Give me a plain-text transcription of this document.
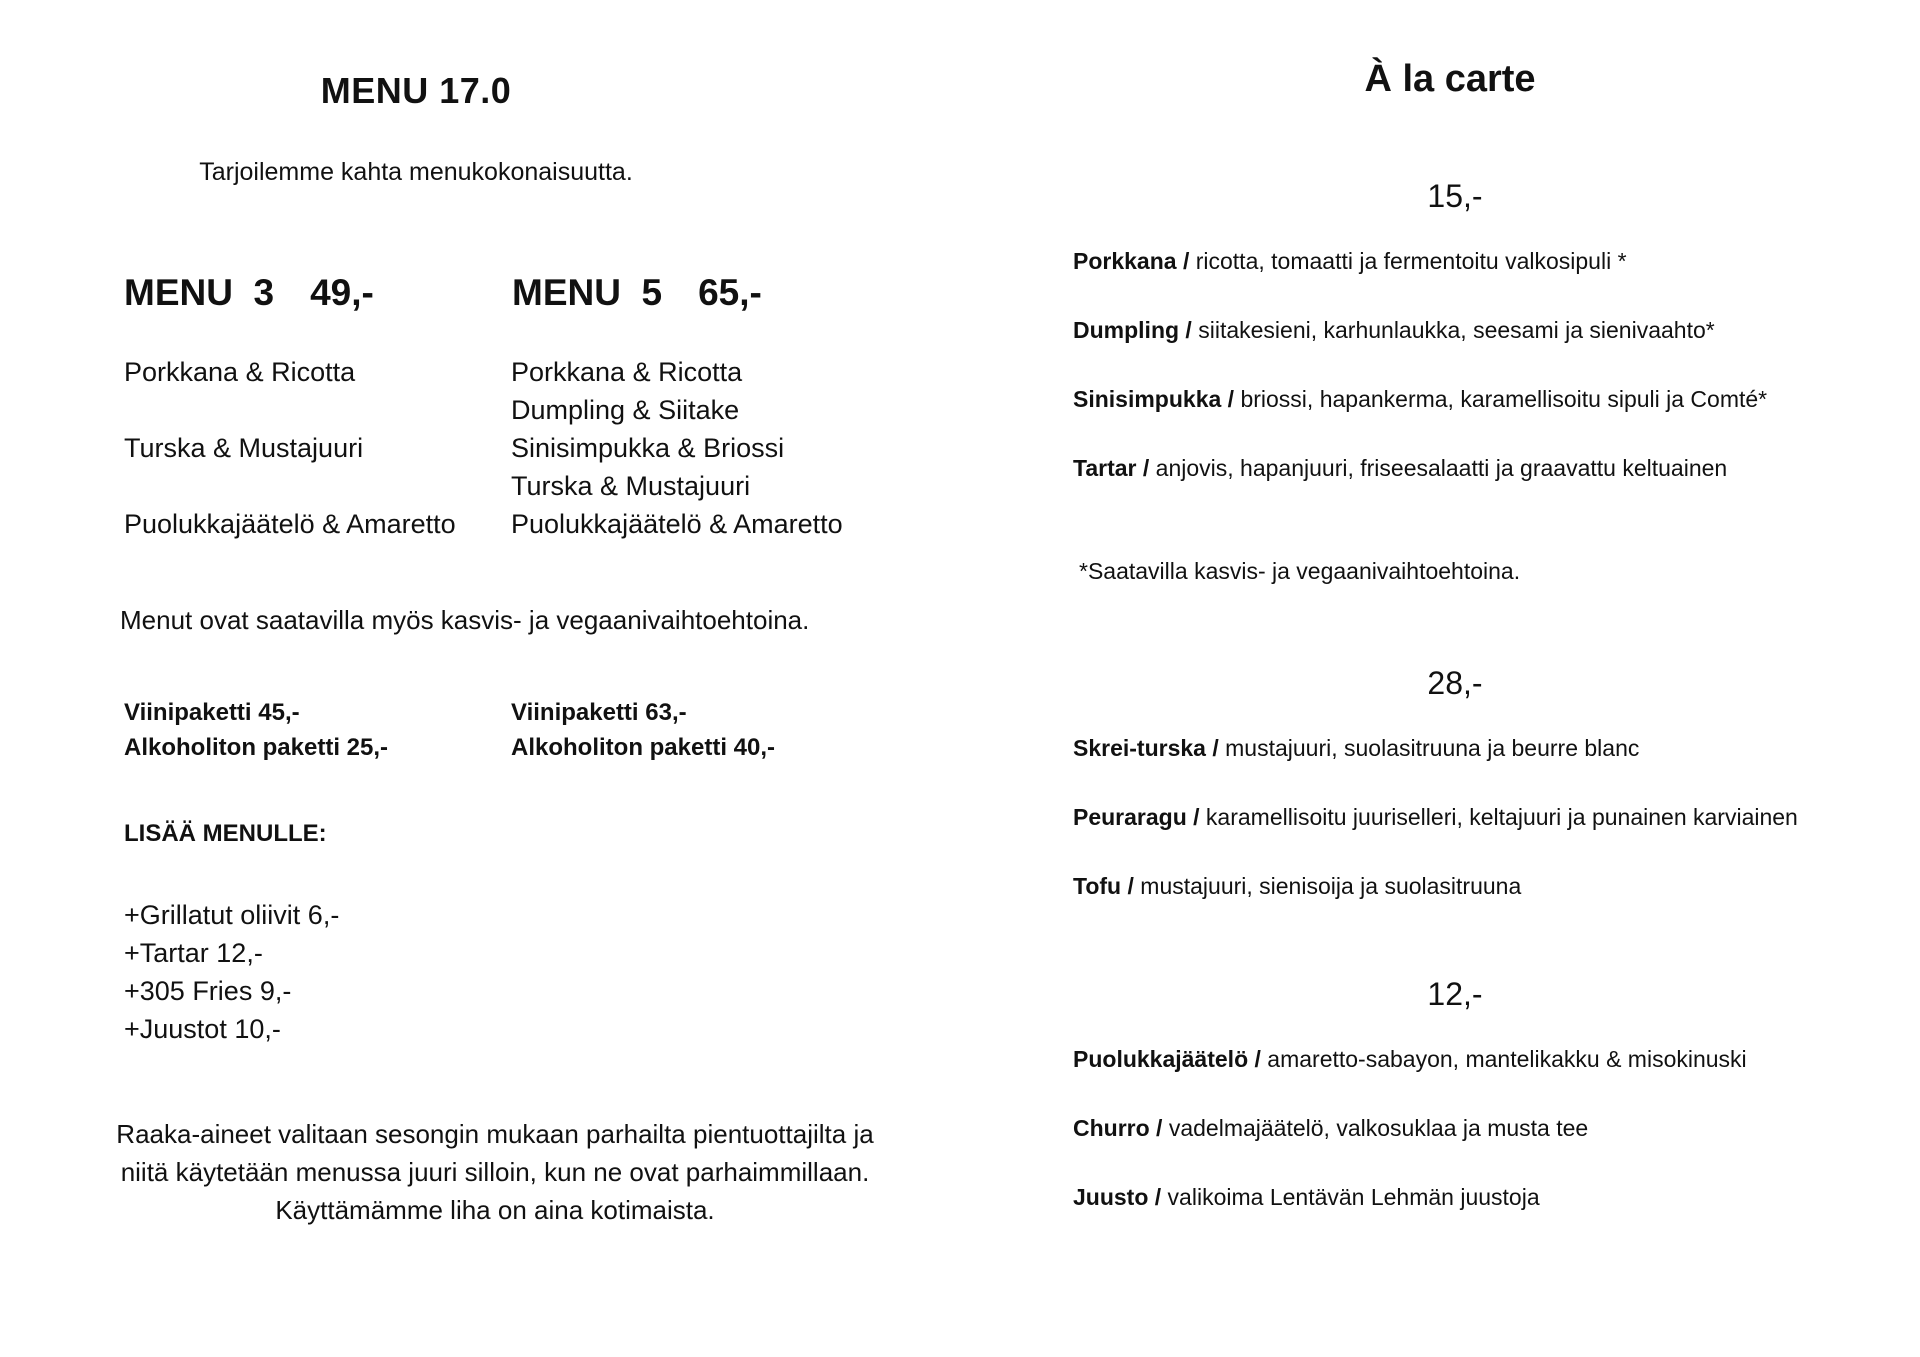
MENU 17.0
Tarjoilemme kahta menukokonaisuutta.
MENU  3 49,-	MENU  5 65,-
Porkkana & Ricotta
Turska & Mustajuuri
Puolukkajäätelö & Amaretto
Porkkana & Ricotta
Dumpling & Siitake
Sinisimpukka & Briossi
Turska & Mustajuuri
Puolukkajäätelö & Amaretto
Menut ovat saatavilla myös kasvis- ja vegaanivaihtoehtoina.
Viinipaketti 45,-
Alkoholiton paketti 25,-
Viinipaketti 63,-
Alkoholiton paketti 40,-
LISÄÄ MENULLE:
+Grillatut oliivit 6,-
+Tartar 12,-
+305 Fries 9,-
+Juustot 10,-
Raaka-aineet valitaan sesongin mukaan parhailta pientuottajilta ja
niitä käytetään menussa juuri silloin, kun ne ovat parhaimmillaan.
Käyttämämme liha on aina kotimaista.
À la carte
15,-
Porkkana / ricotta, tomaatti ja fermentoitu valkosipuli *
Dumpling / siitakesieni, karhunlaukka, seesami ja sienivaahto*
Sinisimpukka / briossi, hapankerma, karamellisoitu sipuli ja Comté*
Tartar / anjovis, hapanjuuri, friseesalaatti ja graavattu keltuainen
*Saatavilla kasvis- ja vegaanivaihtoehtoina.
28,-
Skrei-turska / mustajuuri, suolasitruuna ja beurre blanc
Peuraragu / karamellisoitu juuriselleri, keltajuuri ja punainen karviainen
Tofu / mustajuuri, sienisoija ja suolasitruuna
12,-
Puolukkajäätelö / amaretto-sabayon, mantelikakku & misokinuski
Churro / vadelmajäätelö, valkosuklaa ja musta tee
Juusto / valikoima Lentävän Lehmän juustoja
